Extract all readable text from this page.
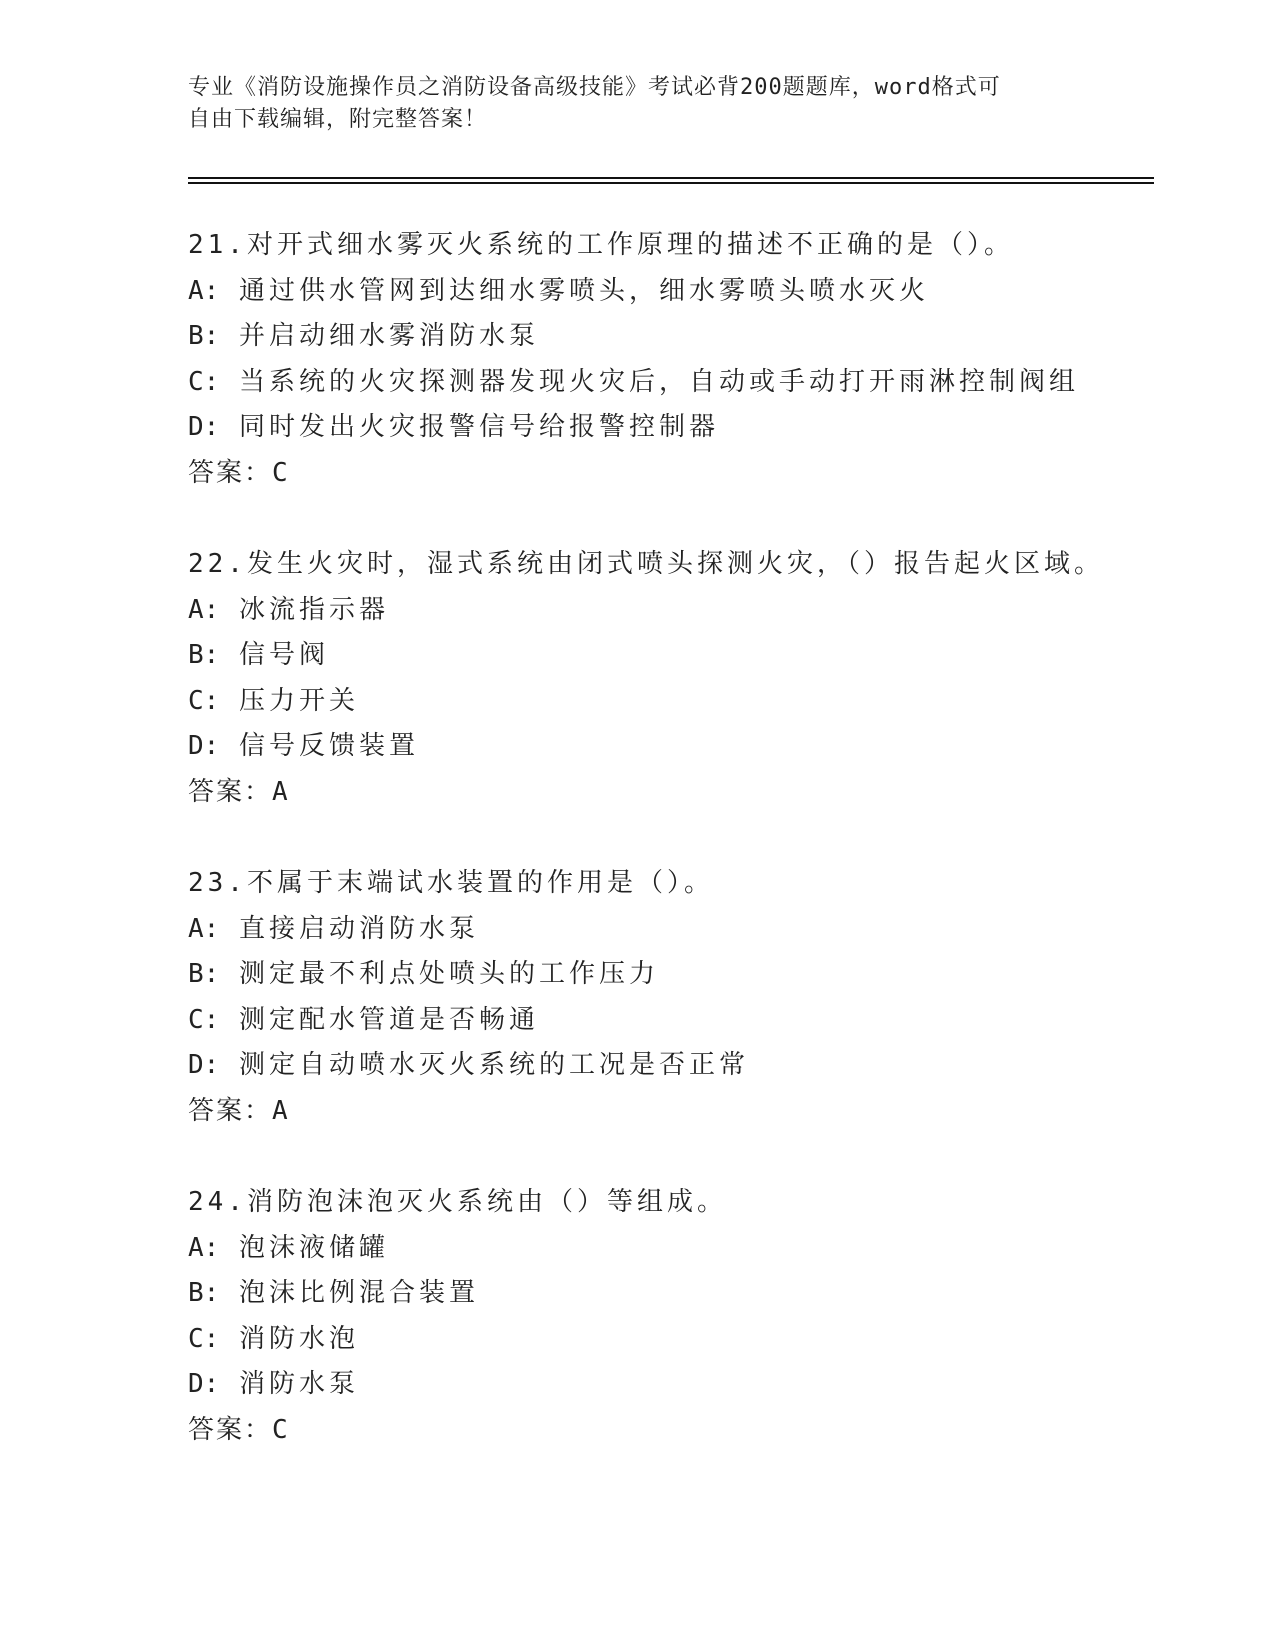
专业《消防设施操作员之消防设备高级技能》考试必背200题题库，word格式可
自由下载编辑，附完整答案！
21.对开式细水雾灭火系统的工作原理的描述不正确的是（）。
A: 通过供水管网到达细水雾喷头，细水雾喷头喷水灭火
B: 并启动细水雾消防水泵
C: 当系统的火灾探测器发现火灾后，自动或手动打开雨淋控制阀组
D: 同时发出火灾报警信号给报警控制器
答案：C
22.发生火灾时，湿式系统由闭式喷头探测火灾，（）报告起火区域。
A: 冰流指示器
B: 信号阀
C: 压力开关
D: 信号反馈装置
答案：A
23.不属于末端试水装置的作用是（）。
A: 直接启动消防水泵
B: 测定最不利点处喷头的工作压力
C: 测定配水管道是否畅通
D: 测定自动喷水灭火系统的工况是否正常
答案：A
24.消防泡沫泡灭火系统由（）等组成。
A: 泡沫液储罐
B: 泡沫比例混合装置
C: 消防水泡
D: 消防水泵
答案：C
